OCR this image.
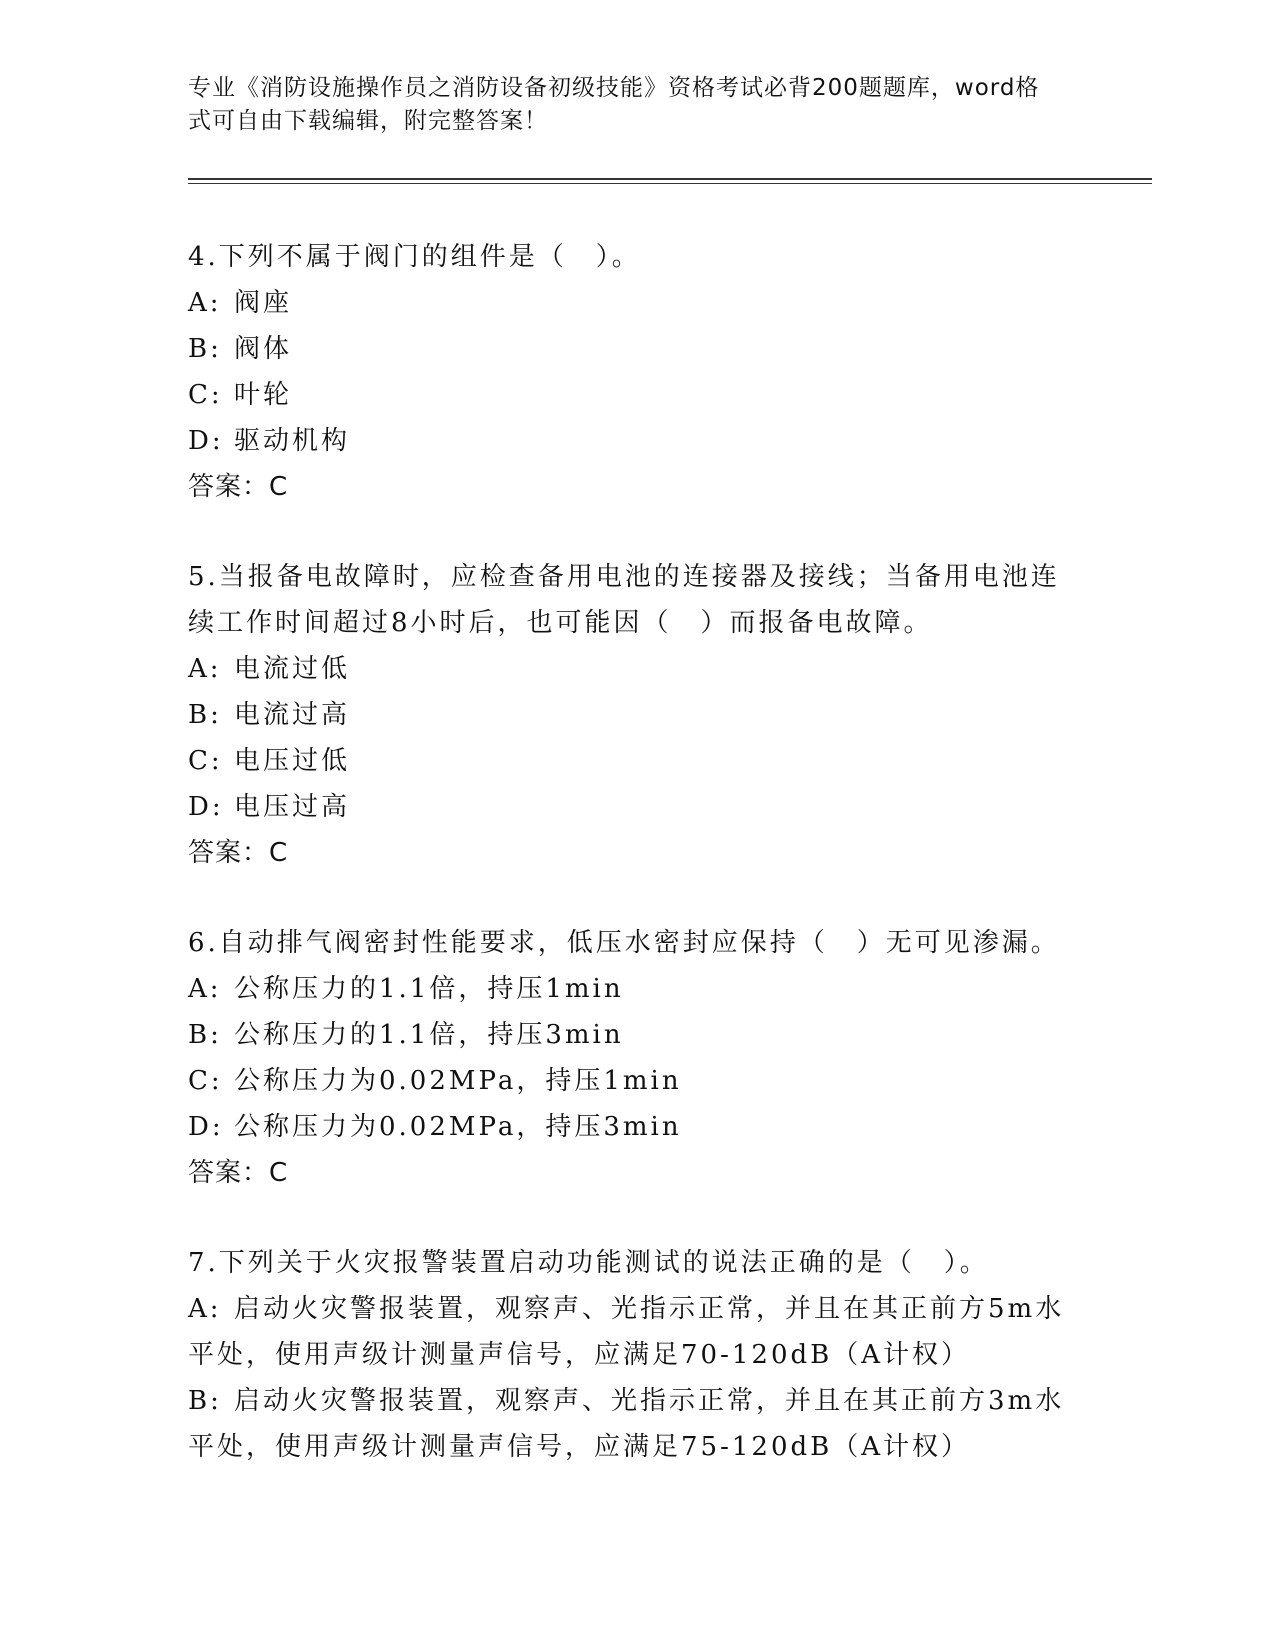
专业《消防设施操作员之消防设备初级技能》资格考试必背200题题库，word格
式可自由下载编辑，附完整答案！
4.下列不属于阀门的组件是（　）。
A: 阀座
B: 阀体
C: 叶轮
D: 驱动机构
答案：C
5.当报备电故障时，应检查备用电池的连接器及接线；当备用电池连
续工作时间超过8小时后，也可能因（　）而报备电故障。
A: 电流过低
B: 电流过高
C: 电压过低
D: 电压过高
答案：C
6.自动排气阀密封性能要求，低压水密封应保持（　）无可见渗漏。
A: 公称压力的1.1倍，持压1min
B: 公称压力的1.1倍，持压3min
C: 公称压力为0.02MPa，持压1min
D: 公称压力为0.02MPa，持压3min
答案：C
7.下列关于火灾报警装置启动功能测试的说法正确的是（　）。
A: 启动火灾警报装置，观察声、光指示正常，并且在其正前方5m水
平处，使用声级计测量声信号，应满足70-120dB（A计权）
B: 启动火灾警报装置，观察声、光指示正常，并且在其正前方3m水
平处，使用声级计测量声信号，应满足75-120dB（A计权）
